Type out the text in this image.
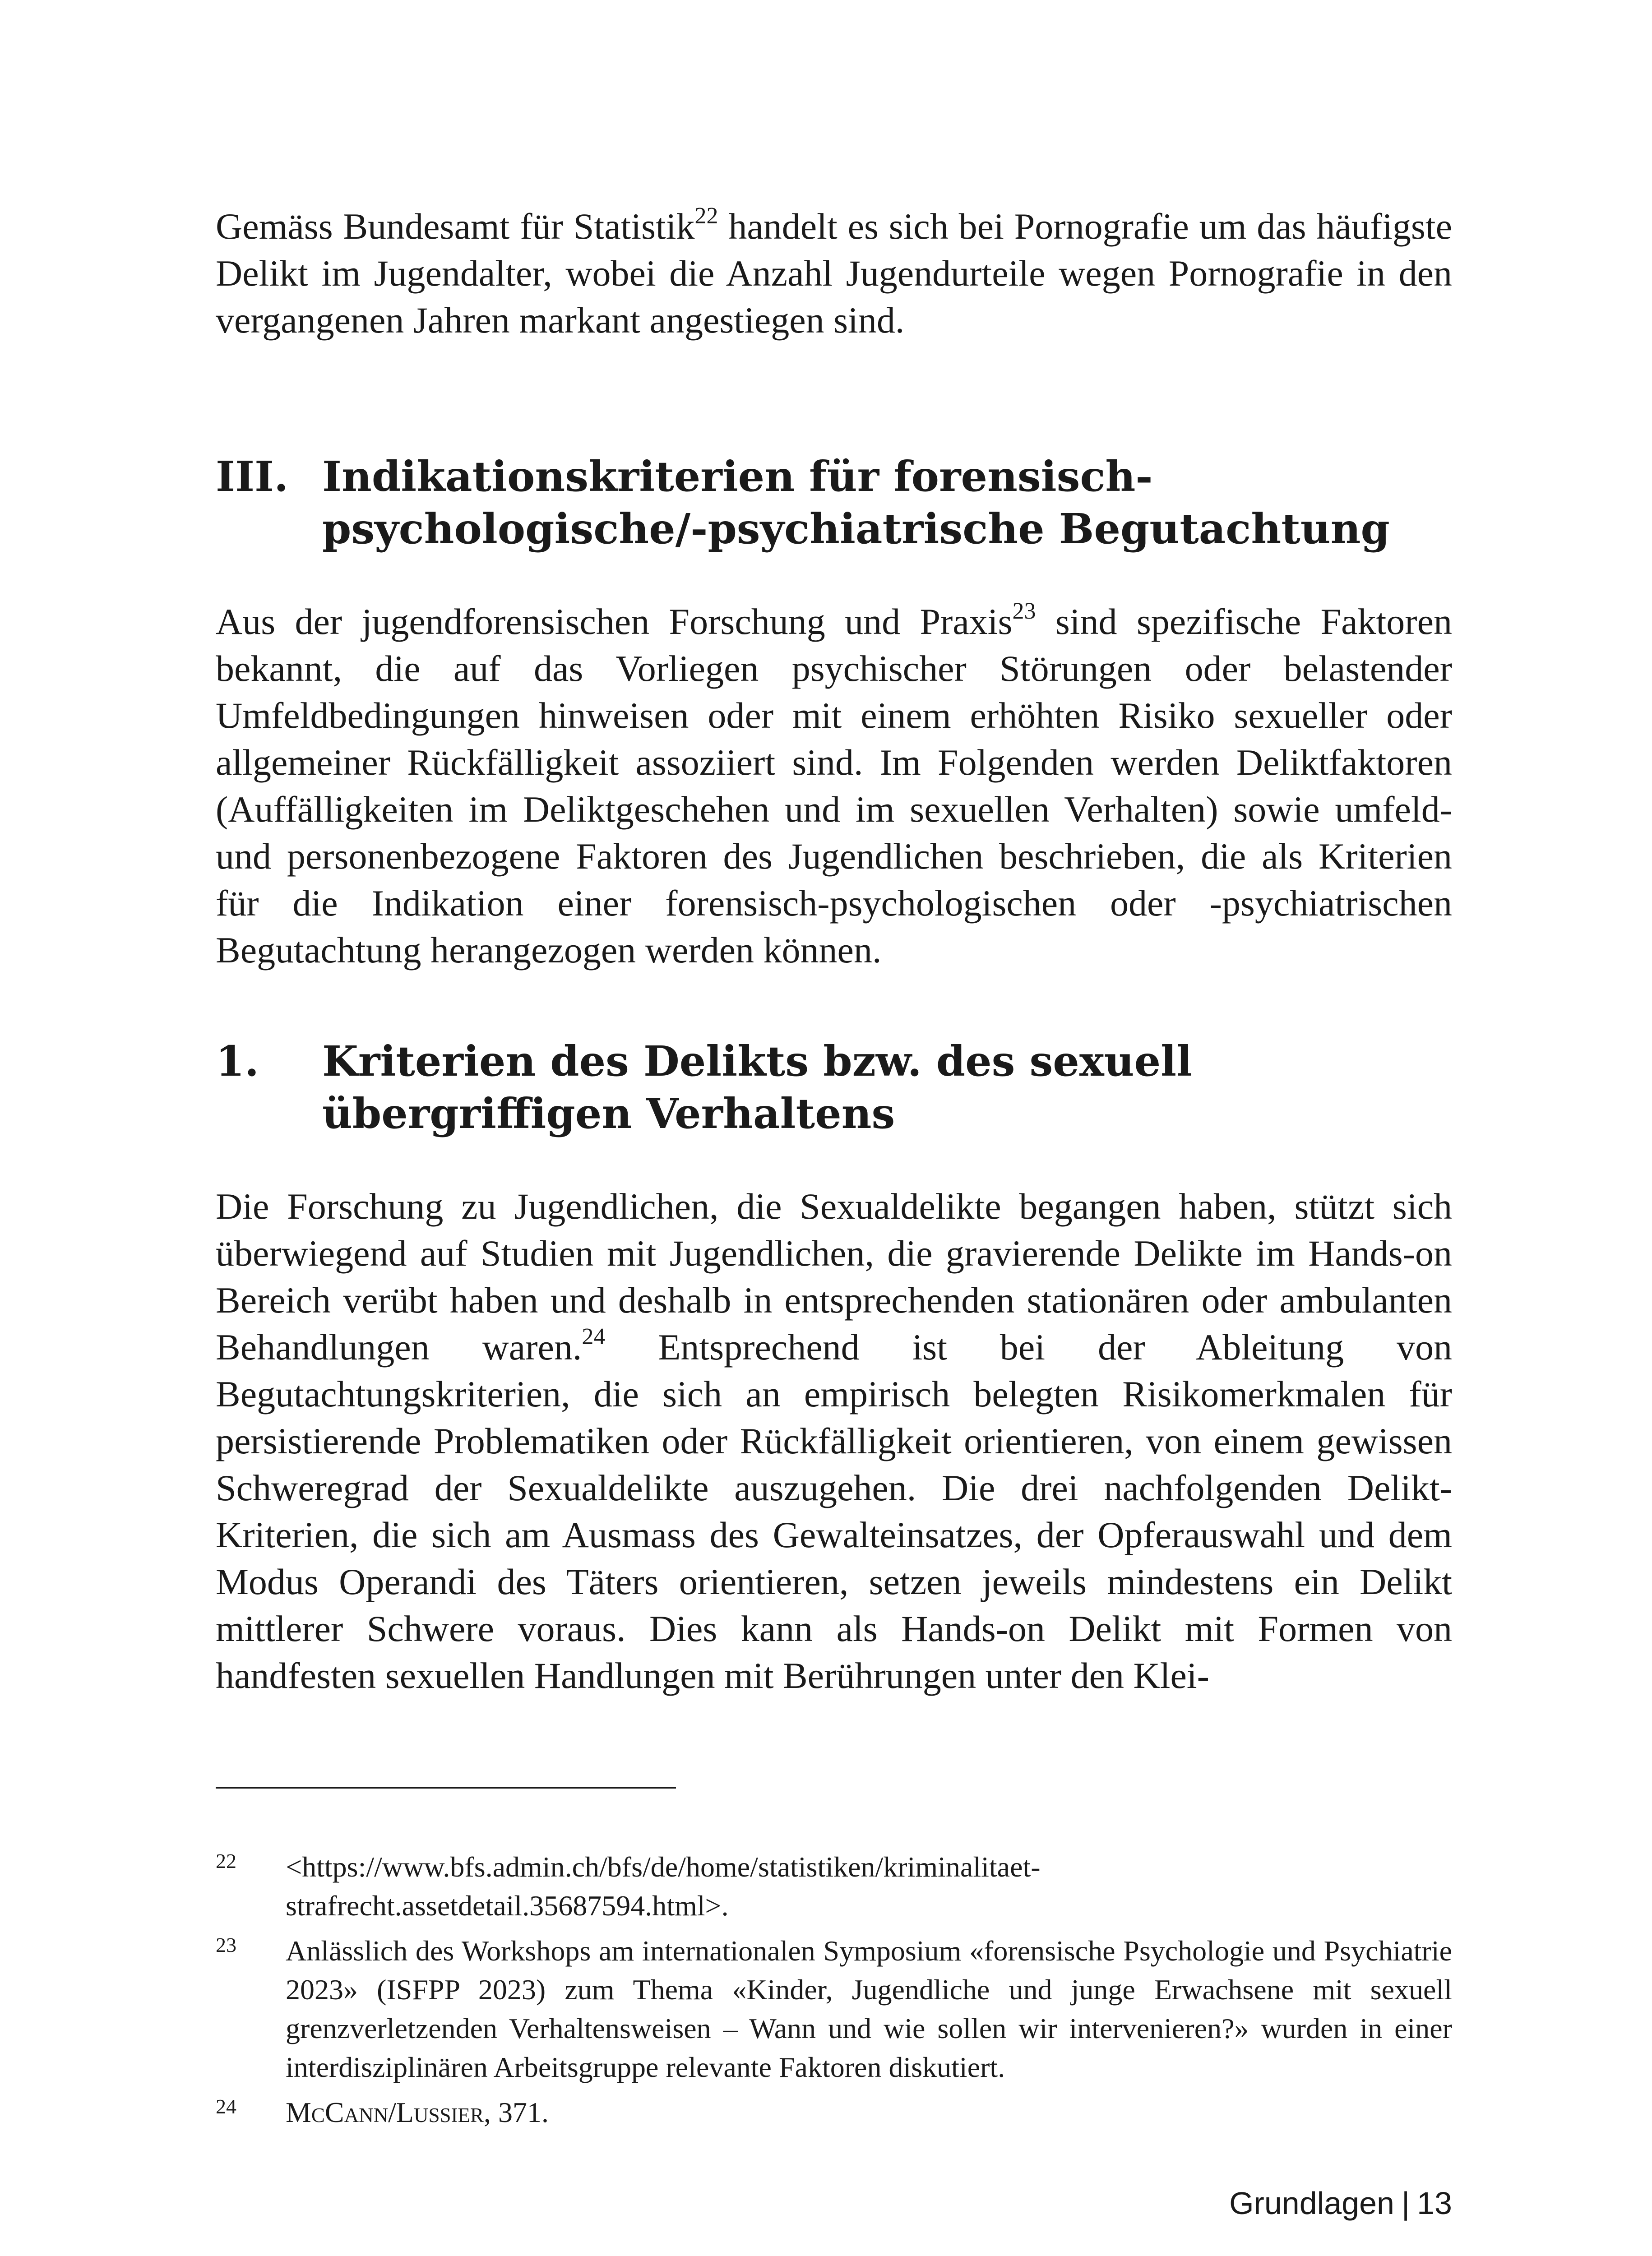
Gemäss Bundesamt für Statistik$^{22}$ handelt es sich bei Pornografie um das häufigste Delikt im Jugendalter, wobei die Anzahl Jugendurteile wegen Pornografie in den vergangenen Jahren markant angestiegen sind.

III. Indikationskriterien für forensisch-psychologische/-psychiatrische Begutachtung

Aus der jugendforensischen Forschung und Praxis$^{23}$ sind spezifische Faktoren bekannt, die auf das Vorliegen psychischer Störungen oder belastender Umfeldbedingungen hinweisen oder mit einem erhöhten Risiko sexueller oder allgemeiner Rückfälligkeit assoziiert sind. Im Folgenden werden Deliktfaktoren (Auffälligkeiten im Deliktgeschehen und im sexuellen Verhalten) sowie umfeld- und personenbezogene Faktoren des Jugendlichen beschrieben, die als Kriterien für die Indikation einer forensisch-psychologischen oder -psychiatrischen Begutachtung herangezogen werden können.

1.	Kriterien des Delikts bzw. des sexuell übergriffigen Verhaltens

Die Forschung zu Jugendlichen, die Sexualdelikte begangen haben, stützt sich überwiegend auf Studien mit Jugendlichen, die gravierende Delikte im Hands-on Bereich verübt haben und deshalb in entsprechenden stationären oder ambulanten Behandlungen waren.$^{24}$ Entsprechend ist bei der Ableitung von Begutachtungskriterien, die sich an empirisch belegten Risikomerkmalen für persistierende Problematiken oder Rückfälligkeit orientieren, von einem gewissen Schweregrad der Sexualdelikte auszugehen. Die drei nachfolgenden Delikt-Kriterien, die sich am Ausmass des Gewalteinsatzes, der Opferauswahl und dem Modus Operandi des Täters orientieren, setzen jeweils mindestens ein Delikt mittlerer Schwere voraus. Dies kann als Hands-on Delikt mit Formen von handfesten sexuellen Handlungen mit Berührungen unter den Klei-

22	<https://www.bfs.admin.ch/bfs/de/home/statistiken/kriminalitaet-strafrecht.assetdetail.35687594.html>.
23	Anlässlich des Workshops am internationalen Symposium «forensische Psychologie und Psychiatrie 2023» (ISFPP 2023) zum Thema «Kinder, Jugendliche und junge Erwachsene mit sexuell grenzverletzenden Verhaltensweisen – Wann und wie sollen wir intervenieren?» wurden in einer interdisziplinären Arbeitsgruppe relevante Faktoren diskutiert.
24	McCann/Lussier, 371.
Grundlagen | 13
